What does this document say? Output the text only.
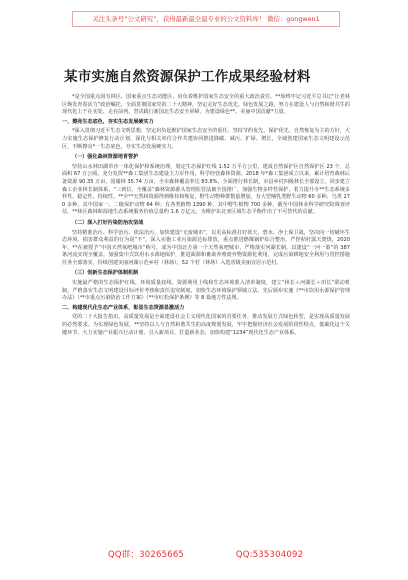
关注头条号“公文研究”，获得最新最全最专业的公文资料库！ 微信：gongwen1
某市实施自然资源保护工作成果经验材料

*是全国重点国有林区、国家重点生态功能区，肩负着维护国家生态安全的重大政治责任。**始终牢记习近平总书记“让老林区焕发青春活力”政治嘱托，全面贯彻国家党的二十大精神，坚定走好生态优先、绿色发展之路，努力在建设人与自然和谐共生的现代化上干在实处、走在前列，坚决践行新国北生态安全屏障，为建设绿色**、美丽中国贡献*力量。

一、擦亮生态底色，夯实生态发展硬实力

*深入贯彻习近平生态文明思想，坚定肩负起维护国家生态安全的重任，坚持节约优先、保护优先、自然恢复为主的方针，大力实施生态保护修复行动计划，深化与相关单位合作共建协同推进降碳、减污、扩绿、增长，全域创建国家生态文明建设示范区，不断擦亮*一生态底色，夯实生态发展硬实力。

（一）强化森林资源培育管护

坚持山水林田湖草沙一体化保护和系统治理，划定生态保护红线 1.52 万平方公里，建成自然保护区自然保护区 23 个，总面积 67 万公顷，充分发挥**森工集团生态建设主力军作用，科学经营森林资源。2018 年*森工集团成立以来，累计培育森林后备资源 90.35 万亩、国储林 35.74 万亩，全市森林覆盖率达 83.8%，全面推行林长制，市县乡村四级林长全部设立，同步建立森工企业林长制体系，“三到位、全覆盖”森林资源源头管理监管法被全国推广，加强生物多样性保护，着力提升办**生态系统多样性、稳定性、持续性。**全**天然林资源得到维持和恢复，野生动物种群数量增加，有大型哺乳类野生动物 60 多种、鸟类 270 多种，其中国家一、二级保护动物 64 种；有各类植物 1390 种，其中野生植物 700 多种，截至中国林业科学研究院调查评估，**林区森林和湿地生态系统服务价值总量约 1.6 万亿元，为维护东北亚区域生态平衡作出了不可替代的贡献。

（二）深入打好污染防治攻坚战

坚持精准治污、科学治污、依法治污，加快建设“无废城市”，以更高标准打好蓝天、碧水、净土保卫战，坚决向一切破坏生态环境、损害群众利益的行为说“不”。深入实施工业污染源达标排放，重点推进燃煤锅炉综合整治，严控秸秆露天焚烧，2020 年，**在被授予“中国天然氧吧城市”称号，成为中国北方第一个天然氧吧城市，严格落实河湖长制，以建设“一河一策”的 387 条河流实现全覆盖，加强集中式饮用水水源地保护，推进面源和畜禽养殖废弃物资源化利用，完成污染耕地安全利用与管控措施任务全部落实，持续创建美丽河湖示范乡村（林场），52 个村（林场）入选省级美丽宜居示范村。

（三）创新生态保护体制机制

实施最严格的生态保护红线、环境质量底线、资源利用上线和生态环境准入清单制度，建立“林长＋河湖长＋田长”联动机制，严格落实生态文明建设目标评价考核和责任追究制度，加快生态环境保护领域立法，先后颁布实施《**市饮用水源保护管理办法》（**市重点污染防治工作方案》（**市红松保护条例》等 8 篇地方性法规。

二、构建现代化生态产业体系，彰显生态资源显激活力

党的二十大报告指出，高质量发展是全面建设社会主义现代化国家的首要任务，推动发展方式绿色转型，是实现高质量发展的必然要求。为实现绿色发展，**坚持以人与自然和谐共生的高度规划发展，牢牢把握经济社会发展阶段性特点，低碳化这个关键环节，大力实施产业振兴行动计划，引入新项目，打造新业态，加快构建“1234”现代化生态产业体系。

QQ群：30265665	QQ:535304092
